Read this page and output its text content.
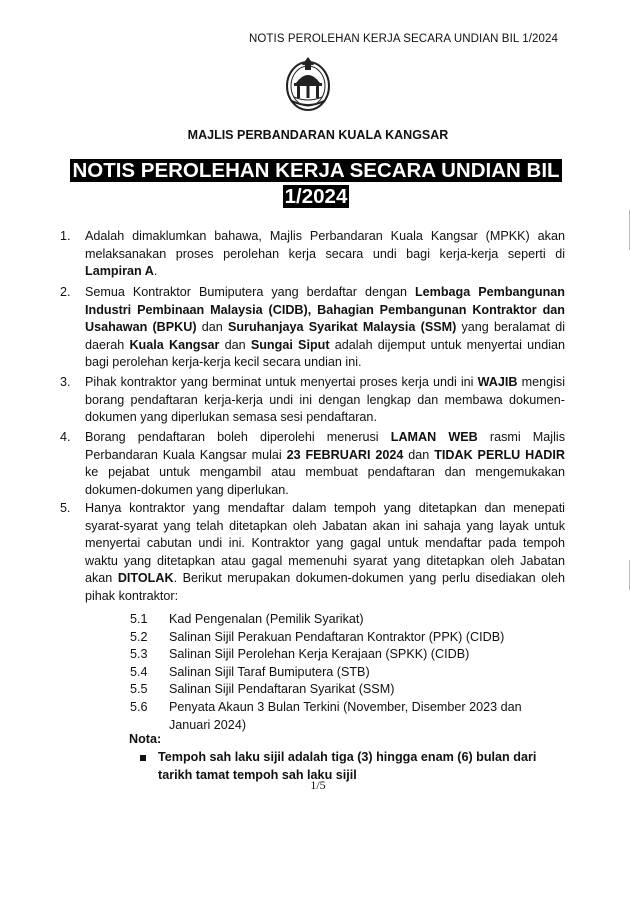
NOTIS PEROLEHAN KERJA SECARA UNDIAN BIL 1/2024
MAJLIS PERBANDARAN KUALA KANGSAR
NOTIS PEROLEHAN KERJA SECARA UNDIAN BIL
1/2024
1. Adalah dimaklumkan bahawa, Majlis Perbandaran Kuala Kangsar (MPKK) akan melaksanakan proses perolehan kerja secara undi bagi kerja-kerja seperti di Lampiran A.
2. Semua Kontraktor Bumiputera yang berdaftar dengan Lembaga Pembangunan Industri Pembinaan Malaysia (CIDB), Bahagian Pembangunan Kontraktor dan Usahawan (BPKU) dan Suruhanjaya Syarikat Malaysia (SSM) yang beralamat di daerah Kuala Kangsar dan Sungai Siput adalah dijemput untuk menyertai undian bagi perolehan kerja-kerja kecil secara undian ini.
3. Pihak kontraktor yang berminat untuk menyertai proses kerja undi ini WAJIB mengisi borang pendaftaran kerja-kerja undi ini dengan lengkap dan membawa dokumen-dokumen yang diperlukan semasa sesi pendaftaran.
4. Borang pendaftaran boleh diperolehi menerusi LAMAN WEB rasmi Majlis Perbandaran Kuala Kangsar mulai 23 FEBRUARI 2024 dan TIDAK PERLU HADIR ke pejabat untuk mengambil atau membuat pendaftaran dan mengemukakan dokumen-dokumen yang diperlukan.
5. Hanya kontraktor yang mendaftar dalam tempoh yang ditetapkan dan menepati syarat-syarat yang telah ditetapkan oleh Jabatan akan ini sahaja yang layak untuk menyertai cabutan undi ini. Kontraktor yang gagal untuk mendaftar pada tempoh waktu yang ditetapkan atau gagal memenuhi syarat yang ditetapkan oleh Jabatan akan DITOLAK. Berikut merupakan dokumen-dokumen yang perlu disediakan oleh pihak kontraktor:
5.1	Kad Pengenalan (Pemilik Syarikat)
5.2	Salinan Sijil Perakuan Pendaftaran Kontraktor (PPK) (CIDB)
5.3	Salinan Sijil Perolehan Kerja Kerajaan (SPKK) (CIDB)
5.4	Salinan Sijil Taraf Bumiputera (STB)
5.5	Salinan Sijil Pendaftaran Syarikat (SSM)
5.6	Penyata Akaun 3 Bulan Terkini (November, Disember 2023 dan Januari 2024)
Nota:
Tempoh sah laku sijil adalah tiga (3) hingga enam (6) bulan dari tarikh tamat tempoh sah laku sijil
1/5
